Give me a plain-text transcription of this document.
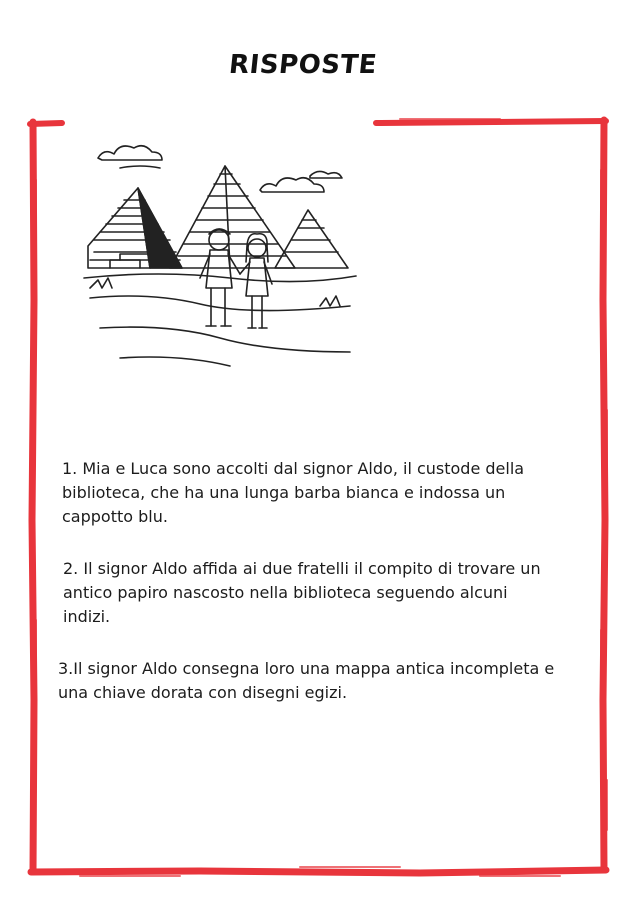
RISPOSTE
1. Mia e Luca sono accolti dal signor Aldo, il custode della biblioteca, che ha una lunga barba bianca e indossa un cappotto blu.
2. Il signor Aldo affida ai due fratelli il compito di trovare un antico papiro nascosto nella biblioteca seguendo alcuni indizi.
3.Il signor Aldo consegna loro una mappa antica incompleta e una chiave dorata con disegni egizi.
